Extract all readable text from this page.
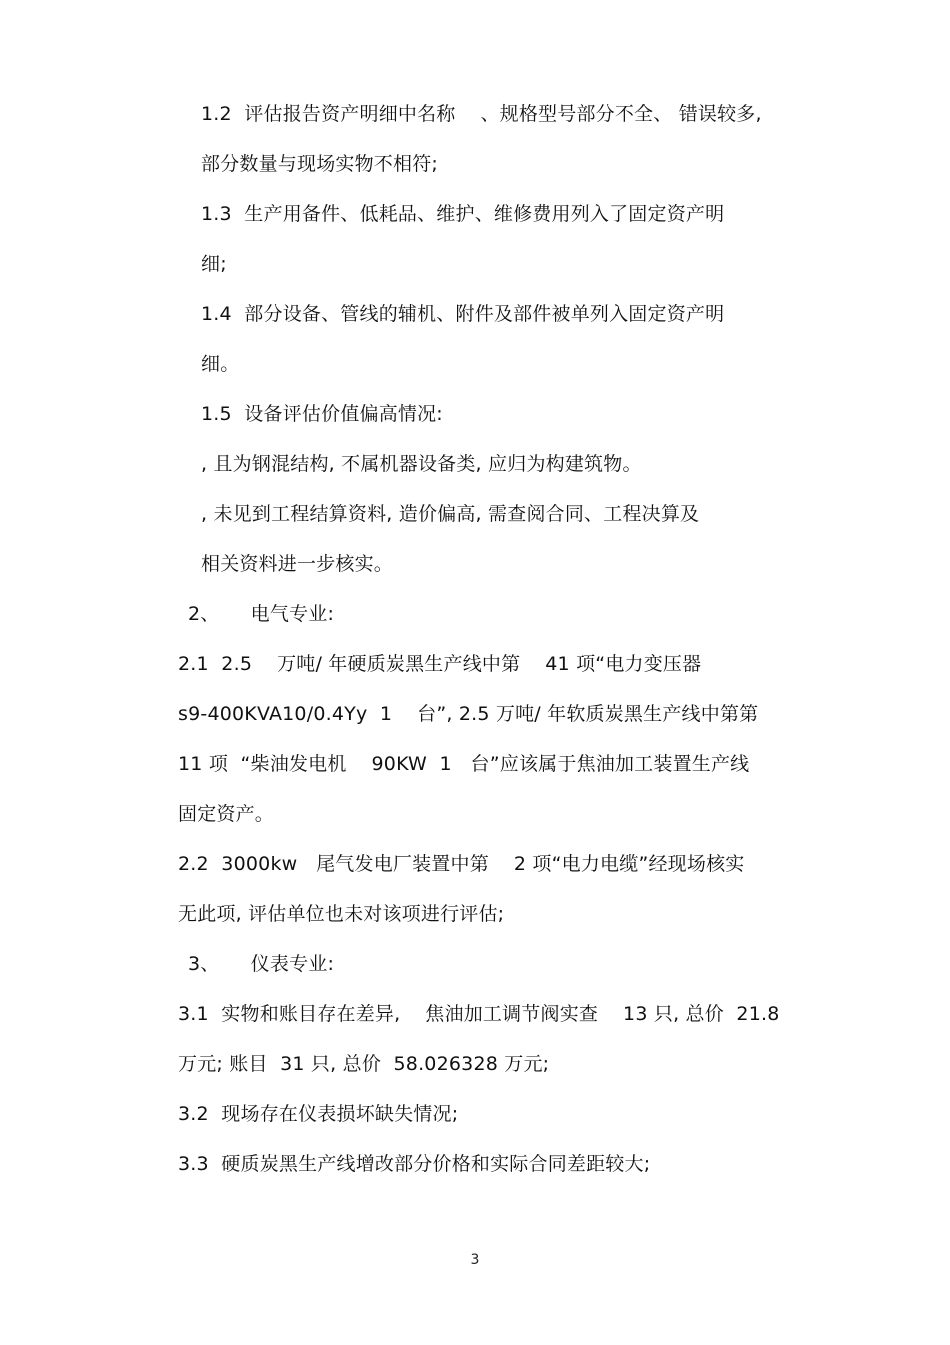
1.2  评估报告资产明细中名称    、规格型号部分不全、 错误较多,
部分数量与现场实物不相符;
1.3  生产用备件、低耗品、维护、维修费用列入了固定资产明
细;
1.4  部分设备、管线的辅机、附件及部件被单列入固定资产明
细。
1.5  设备评估价值偏高情况:
, 且为钢混结构, 不属机器设备类, 应归为构建筑物。
, 未见到工程结算资料, 造价偏高, 需查阅合同、工程决算及
相关资料进一步核实。
2、     电气专业:
2.1  2.5    万吨/ 年硬质炭黑生产线中第    41 项“电力变压器
s9-400KVA10/0.4Yy  1    台”, 2.5 万吨/ 年软质炭黑生产线中第第
11 项  “柴油发电机    90KW  1   台”应该属于焦油加工装置生产线
固定资产。
2.2  3000kw   尾气发电厂装置中第    2 项“电力电缆”经现场核实
无此项, 评估单位也未对该项进行评估;
3、     仪表专业:
3.1  实物和账目存在差异,    焦油加工调节阀实查    13 只, 总价  21.8
万元; 账目  31 只, 总价  58.026328 万元;
3.2  现场存在仪表损坏缺失情况;
3.3  硬质炭黑生产线增改部分价格和实际合同差距较大;
3
